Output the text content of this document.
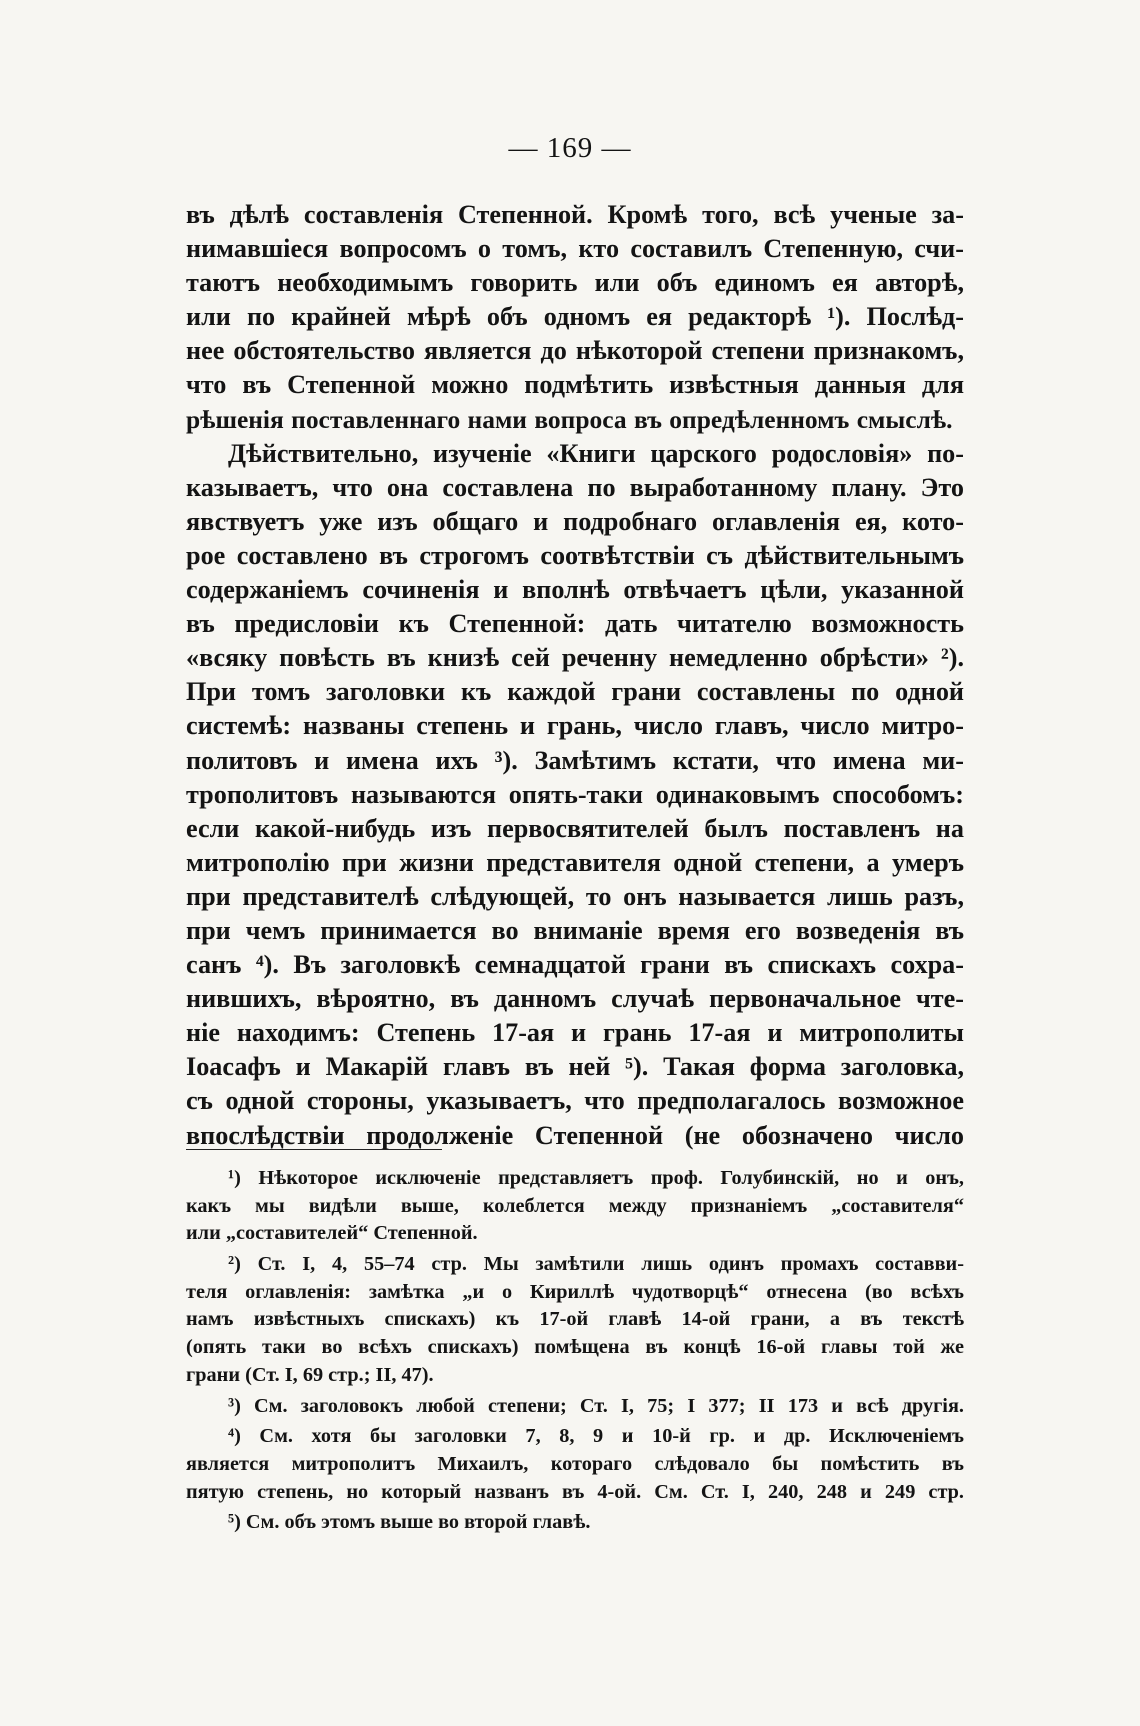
— 169 —
въ дѣлѣ составленія Степенной. Кромѣ того, всѣ ученые за-
нимавшіеся вопросомъ о томъ, кто составилъ Степенную, счи-
таютъ необходимымъ говорить или объ единомъ ея авторѣ,
или по крайней мѣрѣ объ одномъ ея редакторѣ ¹). Послѣд-
нее обстоятельство является до нѣкоторой степени признакомъ,
что въ Степенной можно подмѣтить извѣстныя данныя для
рѣшенія поставленнаго нами вопроса въ опредѣленномъ смыслѣ.
Дѣйствительно, изученіе «Книги царского родословія» по-
казываетъ, что она составлена по выработанному плану. Это
явствуетъ уже изъ общаго и подробнаго оглавленія ея, кото-
рое составлено въ строгомъ соотвѣтствіи съ дѣйствительнымъ
содержаніемъ сочиненія и вполнѣ отвѣчаетъ цѣли, указанной
въ предисловіи къ Степенной: дать читателю возможность
«всяку повѣсть въ книзѣ сей реченну немедленно обрѣсти» ²).
При томъ заголовки къ каждой грани составлены по одной
системѣ: названы степень и грань, число главъ, число митро-
политовъ и имена ихъ ³). Замѣтимъ кстати, что имена ми-
трополитовъ называются опять-таки одинаковымъ способомъ:
если какой-нибудь изъ первосвятителей былъ поставленъ на
митрополію при жизни представителя одной степени, а умеръ
при представителѣ слѣдующей, то онъ называется лишь разъ,
при чемъ принимается во вниманіе время его возведенія въ
санъ ⁴). Въ заголовкѣ семнадцатой грани въ спискахъ сохра-
нившихъ, вѣроятно, въ данномъ случаѣ первоначальное чте-
ніе находимъ: Степень 17-ая и грань 17-ая и митрополиты
Іоасафъ и Макарій главъ въ ней ⁵). Такая форма заголовка,
съ одной стороны, указываетъ, что предполагалось возможное
впослѣдствіи продолженіе Степенной (не обозначено число
¹) Нѣкоторое исключеніе представляетъ проф. Голубинскій, но и онъ,
какъ мы видѣли выше, колеблется между признаніемъ „составителя“
или „составителей“ Степенной.
²) Ст. І, 4, 55–74 стр. Мы замѣтили лишь одинъ промахъ составви-
теля оглавленія: замѣтка „и о Кириллѣ чудотворцѣ“ отнесена (во всѣхъ
намъ извѣстныхъ спискахъ) къ 17-ой главѣ 14-ой грани, а въ текстѣ
(опять таки во всѣхъ спискахъ) помѣщена въ концѣ 16-ой главы той же
грани (Ст. І, 69 стр.; ІІ, 47).
³) См. заголовокъ любой степени; Ст. І, 75; І 377; ІІ 173 и всѣ другія.
⁴) См. хотя бы заголовки 7, 8, 9 и 10-й гр. и др. Исключеніемъ
является митрополитъ Михаилъ, котораго слѣдовало бы помѣстить въ
пятую степень, но который названъ въ 4-ой. См. Ст. І, 240, 248 и 249 стр.
⁵) См. объ этомъ выше во второй главѣ.
